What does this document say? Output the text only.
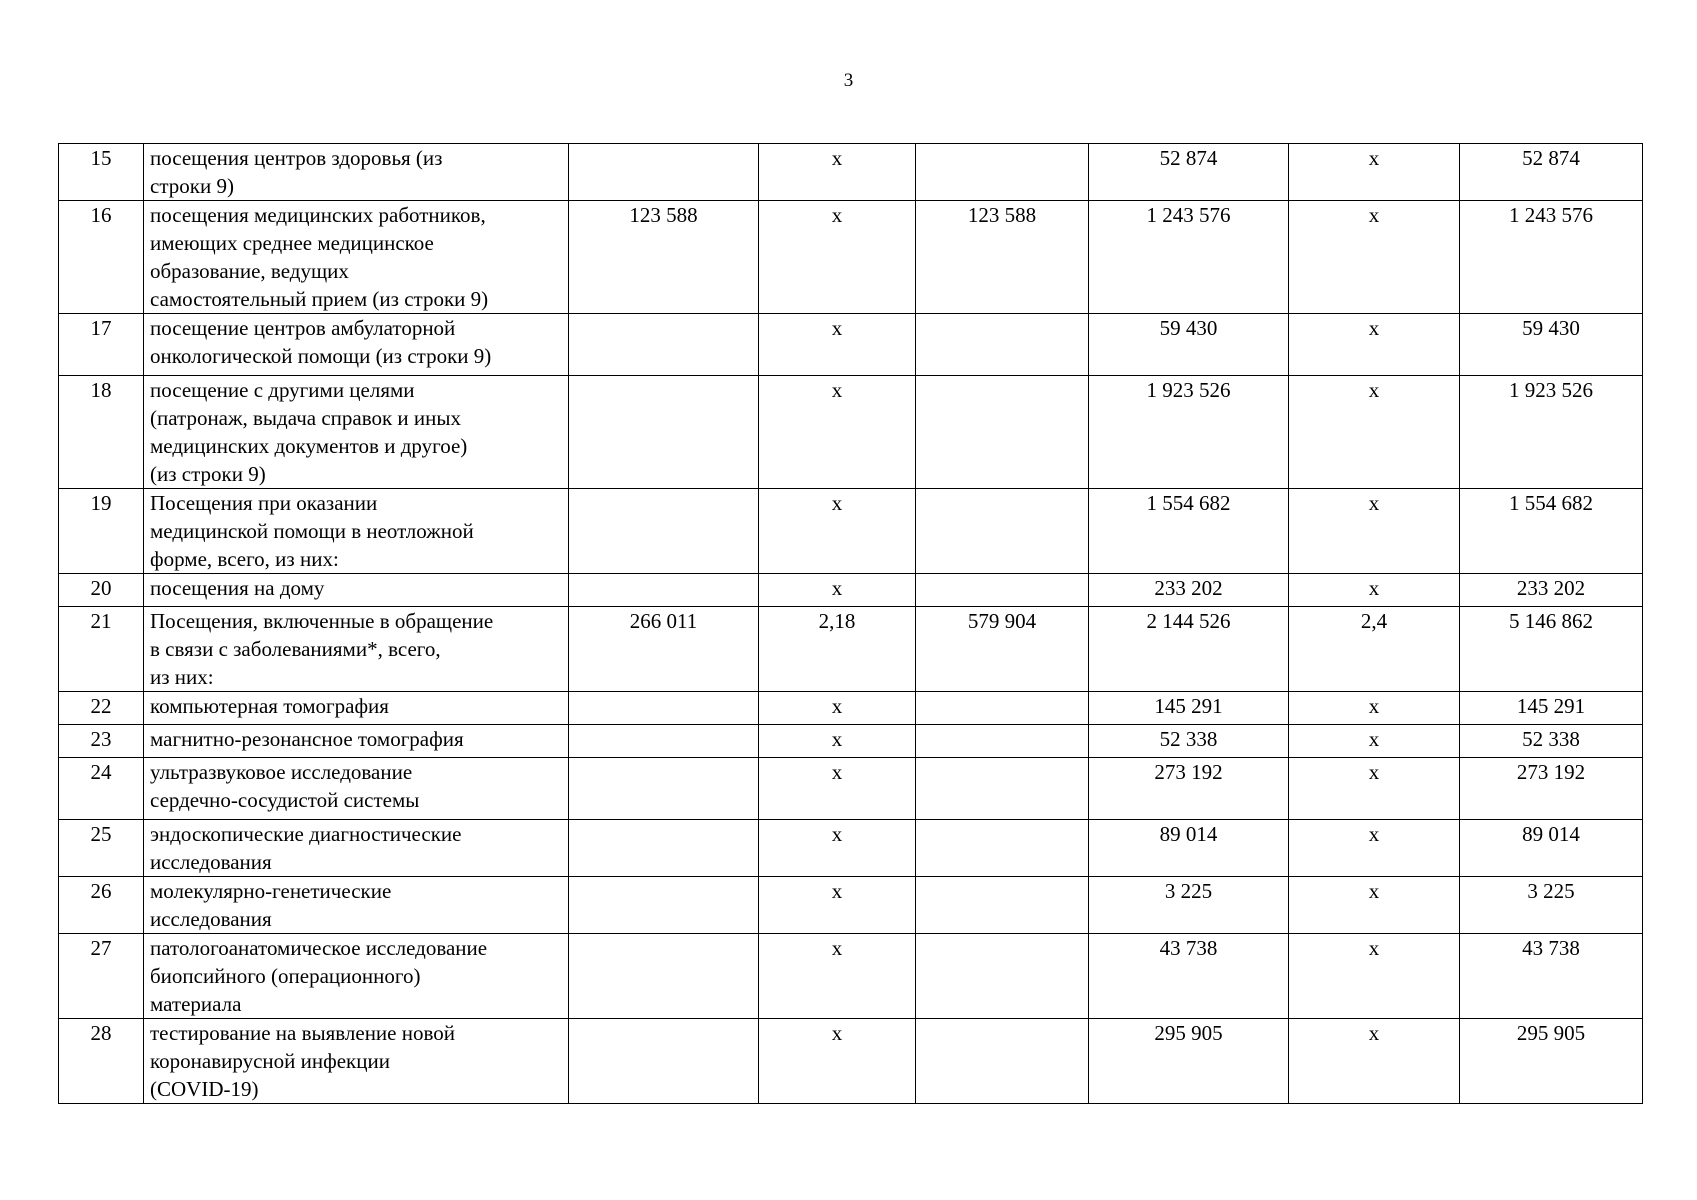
3
15	посещения центров здоровья (из
строки 9)		x		52 874	x	52 874
16	посещения медицинских работников,
имеющих среднее медицинское
образование, ведущих
самостоятельный прием (из строки 9)	123 588	x	123 588	1 243 576	x	1 243 576
17	посещение центров амбулаторной
онкологической помощи (из строки 9)		x		59 430	x	59 430
18	посещение с другими целями
(патронаж, выдача справок и иных
медицинских документов и другое)
(из строки 9)		x		1 923 526	x	1 923 526
19	Посещения при оказании
медицинской помощи в неотложной
форме, всего, из них:		x		1 554 682	x	1 554 682
20	посещения на дому		x		233 202	x	233 202
21	Посещения, включенные в обращение
в связи с заболеваниями*, всего,
из них:	266 011	2,18	579 904	2 144 526	2,4	5 146 862
22	компьютерная томография		x		145 291	x	145 291
23	магнитно-резонансное томография		x		52 338	x	52 338
24	ультразвуковое исследование
сердечно-сосудистой системы		x		273 192	x	273 192
25	эндоскопические диагностические
исследования		x		89 014	x	89 014
26	молекулярно-генетические
исследования		x		3 225	x	3 225
27	патологоанатомическое исследование
биопсийного (операционного)
материала		x		43 738	x	43 738
28	тестирование на выявление новой
коронавирусной инфекции
(COVID-19)		x		295 905	x	295 905
